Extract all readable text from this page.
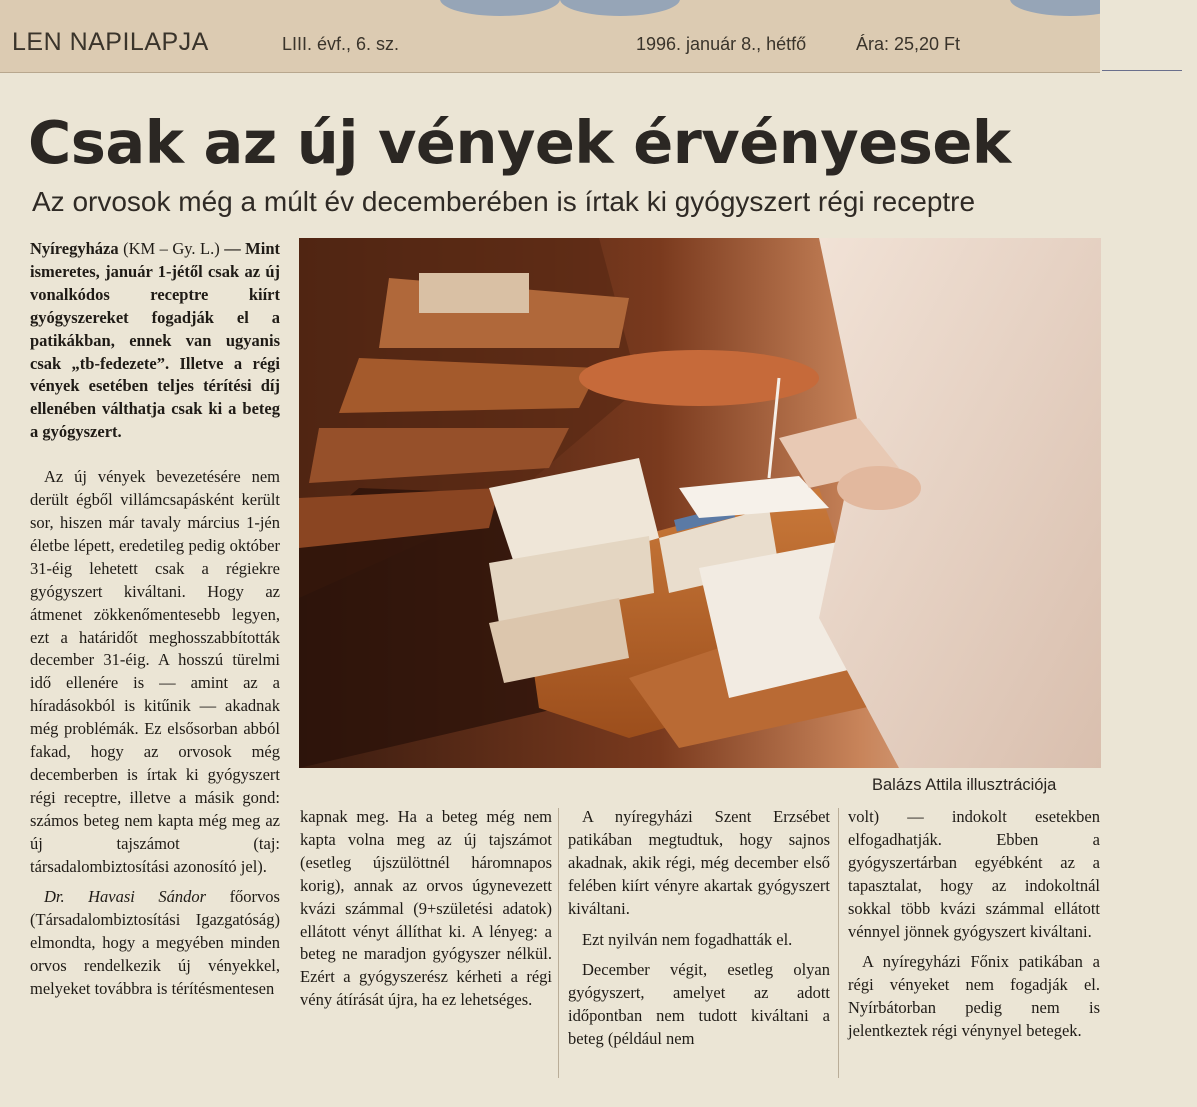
LEN NAPILAPJA	LIII. évf., 6. sz.	1996. január 8., hétfő	Ára: 25,20 Ft
Csak az új vények érvényesek
Az orvosok még a múlt év decemberében is írtak ki gyógyszert régi receptre

Nyíregyháza (KM – Gy. L.) — Mint ismeretes, január 1-jétől csak az új vonalkódos receptre kiírt gyógyszereket fogadják el a patikákban, ennek van ugyanis csak „tb-fedezete”. Illetve a régi vények esetében teljes térítési díj ellenében válthatja csak ki a beteg a gyógyszert.

Az új vények bevezetésére nem derült égből villámcsapásként került sor, hiszen már tavaly március 1-jén életbe lépett, eredetileg pedig október 31-éig lehetett csak a régiekre gyógyszert kiváltani. Hogy az átmenet zökkenőmentesebb legyen, ezt a határidőt meghosszabbították december 31-éig. A hosszú türelmi idő ellenére is — amint az a híradásokból is kitűnik — akadnak még problémák. Ez elsősorban abból fakad, hogy az orvosok még decemberben is írtak ki gyógyszert régi receptre, illetve a másik gond: számos beteg nem kapta még meg az új tajszámot (taj: társadalombiztosítási azonosító jel).

Dr. Havasi Sándor főorvos (Társadalombiztosítási Igazgatóság) elmondta, hogy a megyében minden orvos rendelkezik új vényekkel, melyeket továbbra is térítésmentesen

Balázs Attila illusztrációja

kapnak meg. Ha a beteg még nem kapta volna meg az új tajszámot (esetleg újszülöttnél háromnapos korig), annak az orvos úgynevezett kvázi számmal (9+születési adatok) ellátott vényt állíthat ki. A lényeg: a beteg ne maradjon gyógyszer nélkül. Ezért a gyógyszerész kérheti a régi vény átírását újra, ha ez lehetséges.

A nyíregyházi Szent Erzsébet patikában megtudtuk, hogy sajnos akadnak, akik régi, még december első felében kiírt vényre akartak gyógyszert kiváltani.

Ezt nyilván nem fogadhatták el.

December végit, esetleg olyan gyógyszert, amelyet az adott időpontban nem tudott kiváltani a beteg (például nem

volt) — indokolt esetekben elfogadhatják. Ebben a gyógyszertárban egyébként az a tapasztalat, hogy az indokoltnál sokkal több kvázi számmal ellátott vénnyel jönnek gyógyszert kiváltani.

A nyíregyházi Főnix patikában a régi vényeket nem fogadják el. Nyírbátorban pedig nem is jelentkeztek régi vénynyel betegek.
